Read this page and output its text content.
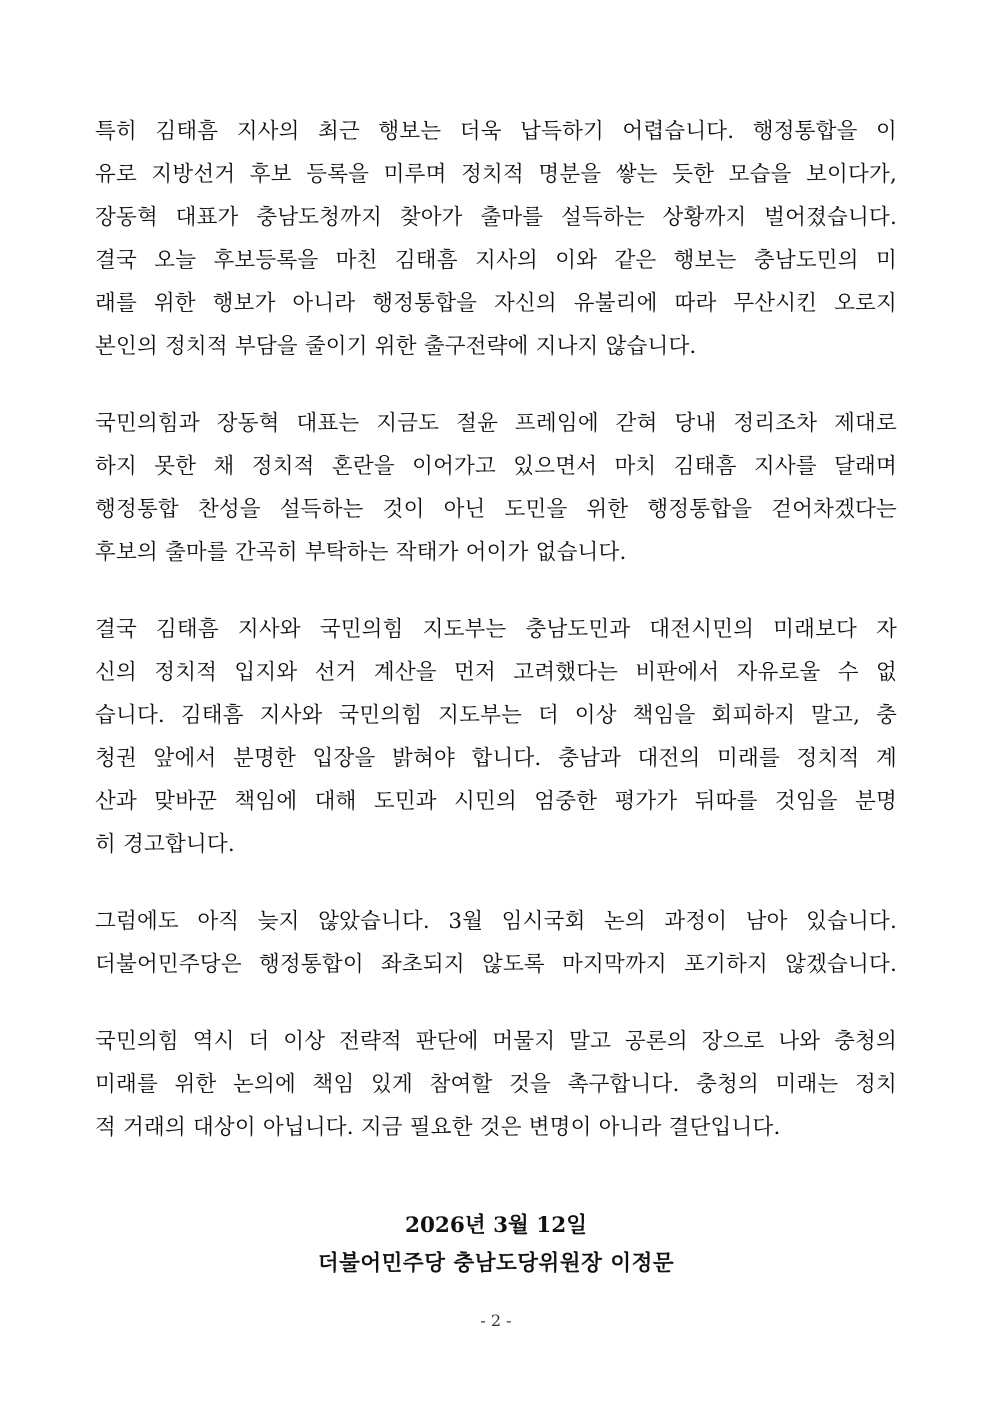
특히 김태흠 지사의 최근 행보는 더욱 납득하기 어렵습니다. 행정통합을 이
유로 지방선거 후보 등록을 미루며 정치적 명분을 쌓는 듯한 모습을 보이다가,
장동혁 대표가 충남도청까지 찾아가 출마를 설득하는 상황까지 벌어졌습니다.
결국 오늘 후보등록을 마친 김태흠 지사의 이와 같은 행보는 충남도민의 미
래를 위한 행보가 아니라 행정통합을 자신의 유불리에 따라 무산시킨 오로지
본인의 정치적 부담을 줄이기 위한 출구전략에 지나지 않습니다.

국민의힘과 장동혁 대표는 지금도 절윤 프레임에 갇혀 당내 정리조차 제대로
하지 못한 채 정치적 혼란을 이어가고 있으면서 마치 김태흠 지사를 달래며
행정통합 찬성을 설득하는 것이 아닌 도민을 위한 행정통합을 걷어차겠다는
후보의 출마를 간곡히 부탁하는 작태가 어이가 없습니다.

결국 김태흠 지사와 국민의힘 지도부는 충남도민과 대전시민의 미래보다 자
신의 정치적 입지와 선거 계산을 먼저 고려했다는 비판에서 자유로울 수 없
습니다. 김태흠 지사와 국민의힘 지도부는 더 이상 책임을 회피하지 말고, 충
청권 앞에서 분명한 입장을 밝혀야 합니다. 충남과 대전의 미래를 정치적 계
산과 맞바꾼 책임에 대해 도민과 시민의 엄중한 평가가 뒤따를 것임을 분명
히 경고합니다.

그럼에도 아직 늦지 않았습니다. 3월 임시국회 논의 과정이 남아 있습니다.
더불어민주당은 행정통합이 좌초되지 않도록 마지막까지 포기하지 않겠습니다.

국민의힘 역시 더 이상 전략적 판단에 머물지 말고 공론의 장으로 나와 충청의
미래를 위한 논의에 책임 있게 참여할 것을 촉구합니다. 충청의 미래는 정치
적 거래의 대상이 아닙니다. 지금 필요한 것은 변명이 아니라 결단입니다.

2026년 3월 12일
더불어민주당 충남도당위원장 이정문
- 2 -
